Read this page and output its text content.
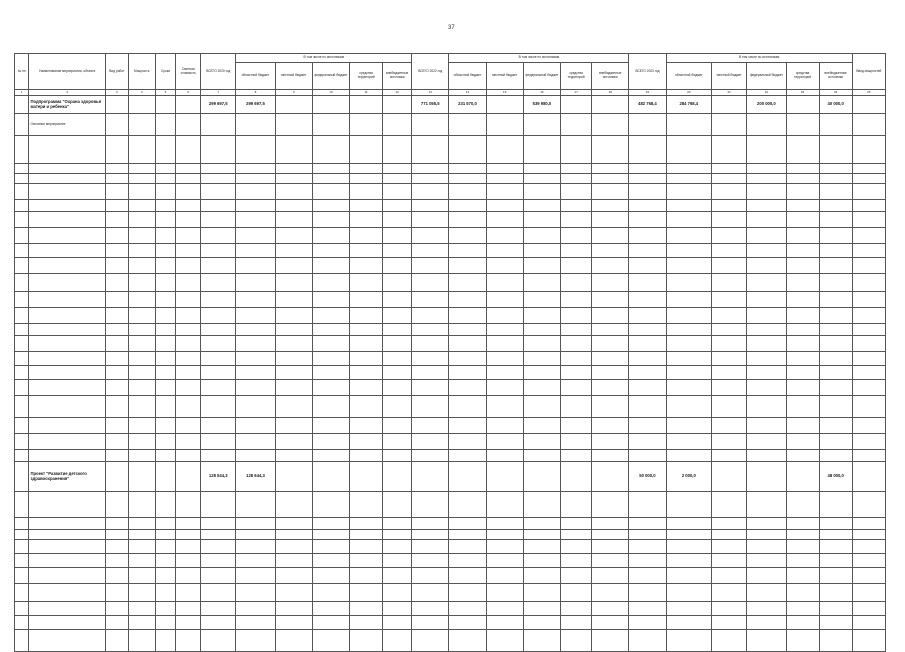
37
№ пп	Наименование мероприятия, объекта	Вид работ	Мощность	Сроки	Сметная стоимость	ВСЕГО 2020 год	В том числе по источникам					ВСЕГО 2022 год	В том числе по источникам					ВСЕГО 2023 год	В том числе по источникам					Ввод мощностей
							областной бюджет	местный бюджет	федеральный бюджет	средства территорий	внебюджетные источники		областной бюджет	местный бюджет	федеральный бюджет	средства территорий	внебюджетные источники		областной бюджет	местный бюджет	федеральный бюджет	средства территорий	внебюджетные источники	
1	2	3	4	5	6	7	8	9	10	11	12	13	14	15	16	17	18	19	20	21	22	23	24	25
	Подпрограмма "Охрана здоровья матери и ребенка"					299 697,5	299 697,5					771 055,5	231 570,0		539 980,0			482 768,4	284 768,4		200 000,0		40 000,0	
	Основное мероприятие																							

	Проект "Развитие детского здравоохранения"					128 544,3	128 644,3											50 000,0	2 000,0				48 000,0	
